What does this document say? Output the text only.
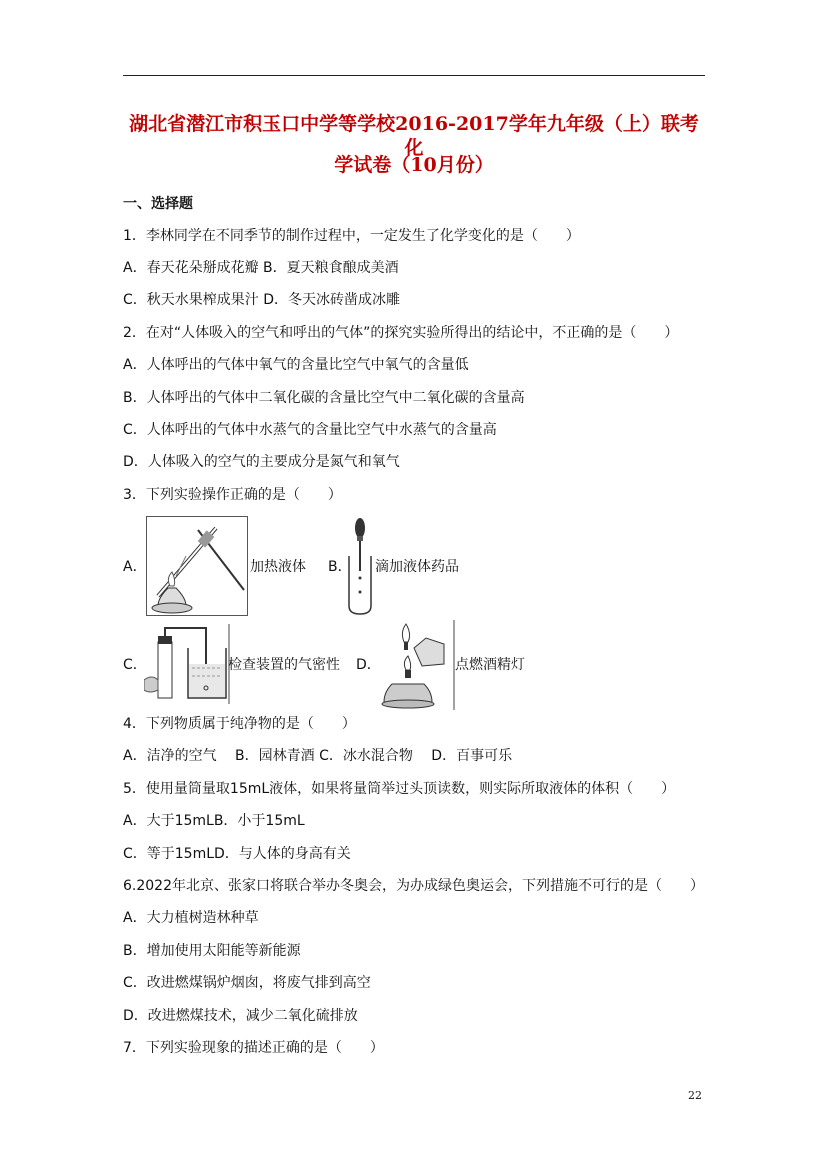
湖北省潜江市积玉口中学等学校2016-2017学年九年级（上）联考化
学试卷（10月份）
一、选择题
1．李林同学在不同季节的制作过程中，一定发生了化学变化的是（　　）
A．春天花朵掰成花瓣 B．夏天粮食酿成美酒
C．秋天水果榨成果汁 D．冬天冰砖凿成冰雕
2．在对“人体吸入的空气和呼出的气体”的探究实验所得出的结论中，不正确的是（　　）
A．人体呼出的气体中氧气的含量比空气中氧气的含量低
B．人体呼出的气体中二氧化碳的含量比空气中二氧化碳的含量高
C．人体呼出的气体中水蒸气的含量比空气中水蒸气的含量高
D．人体吸入的空气的主要成分是氮气和氧气
3．下列实验操作正确的是（　　）
A．	加热液体 B． 滴加液体药品
C．	检查装置的气密性 D．	点燃酒精灯
4．下列物质属于纯净物的是（　　）
A．洁净的空气　 B．园林青酒 C．冰水混合物　 D．百事可乐
5．使用量筒量取15mL液体，如果将量筒举过头顶读数，则实际所取液体的体积（　　）
A．大于15mLB．小于15mL
C．等于15mLD．与人体的身高有关
6.2022年北京、张家口将联合举办冬奥会，为办成绿色奥运会，下列措施不可行的是（　　）
A．大力植树造林种草
B．增加使用太阳能等新能源
C．改进燃煤锅炉烟囱，将废气排到高空
D．改进燃煤技术，减少二氧化硫排放
7．下列实验现象的描述正确的是（　　）
22
